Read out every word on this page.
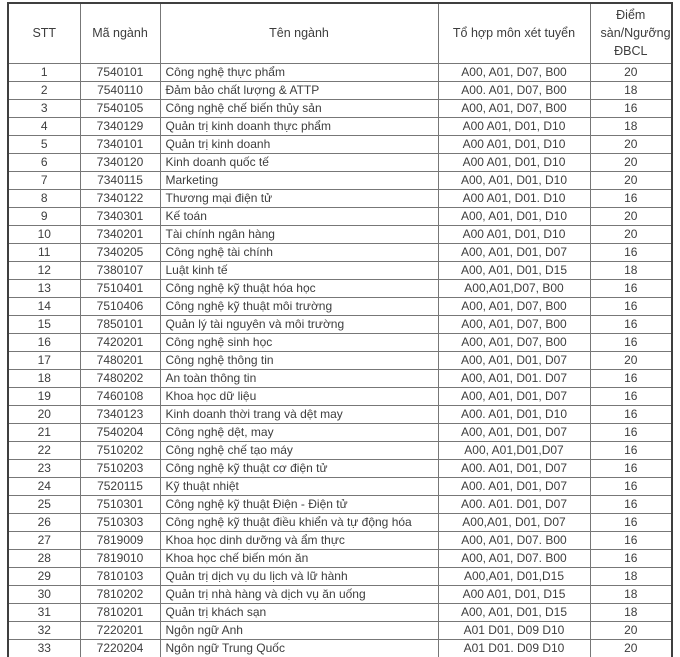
STT	Mã ngành	Tên ngành	Tổ hợp môn xét tuyển	Điểm sàn/Ngưỡng ĐBCL
1	7540101	Công nghệ thực phẩm	A00, A01, D07, B00	20
2	7540110	Đảm bảo chất lượng & ATTP	A00. A01, D07, B00	18
3	7540105	Công nghệ chế biến thủy sản	A00, A01, D07, B00	16
4	7340129	Quản trị kinh doanh thực phẩm	A00 A01, D01, D10	18
5	7340101	Quản trị kinh doanh	A00 A01, D01, D10	20
6	7340120	Kinh doanh quốc tế	A00 A01, D01, D10	20
7	7340115	Marketing	A00, A01, D01, D10	20
8	7340122	Thương mại điện tử	A00 A01, D01. D10	16
9	7340301	Kế toán	A00, A01, D01, D10	20
10	7340201	Tài chính ngân hàng	A00 A01, D01, D10	20
11	7340205	Công nghệ tài chính	A00, A01, D01, D07	16
12	7380107	Luật kinh tế	A00, A01, D01, D15	18
13	7510401	Công nghệ kỹ thuật hóa học	A00,A01,D07, B00	16
14	7510406	Công nghệ kỹ thuật môi trường	A00, A01, D07, B00	16
15	7850101	Quản lý tài nguyên và môi trường	A00, A01, D07, B00	16
16	7420201	Công nghệ sinh học	A00, A01, D07, B00	16
17	7480201	Công nghệ thông tin	A00, A01, D01, D07	20
18	7480202	An toàn thông tin	A00, A01, D01. D07	16
19	7460108	Khoa học dữ liệu	A00, A01, D01, D07	16
20	7340123	Kinh doanh thời trang và dệt may	A00. A01, D01, D10	16
21	7540204	Công nghệ dệt, may	A00, A01, D01, D07	16
22	7510202	Công nghệ chế tạo máy	A00, A01,D01,D07	16
23	7510203	Công nghệ kỹ thuật cơ điện tử	A00. A01, D01, D07	16
24	7520115	Kỹ thuật nhiệt	A00. A01, D01, D07	16
25	7510301	Công nghệ kỹ thuật Điện - Điện tử	A00. A01. D01, D07	16
26	7510303	Công nghệ kỹ thuật điều khiển và tự động hóa	A00,A01, D01, D07	16
27	7819009	Khoa học dinh dưỡng và ẩm thực	A00, A01, D07. B00	16
28	7819010	Khoa học chế biến món ăn	A00, A01, D07. B00	16
29	7810103	Quản trị dịch vụ du lịch và lữ hành	A00,A01, D01,D15	18
30	7810202	Quản trị nhà hàng và dịch vụ ăn uống	A00 A01, D01, D15	18
31	7810201	Quản trị khách sạn	A00, A01, D01, D15	18
32	7220201	Ngôn ngữ Anh	A01 D01, D09 D10	20
33	7220204	Ngôn ngữ Trung Quốc	A01 D01. D09 D10	20
